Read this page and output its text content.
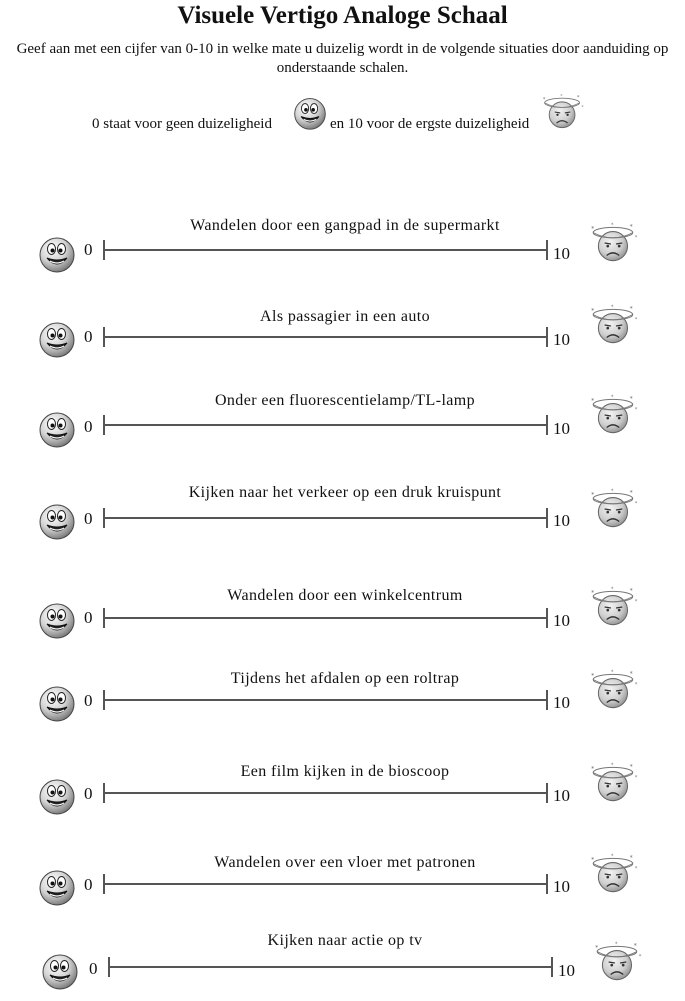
Visuele Vertigo Analoge Schaal

Geef aan met een cijfer van 0-10 in welke mate u duizelig wordt in de volgende situaties door aanduiding op onderstaande schalen.

0 staat voor geen duizeligheid	en 10 voor de ergste duizeligheid
Wandelen door een gangpad in de supermarkt
0	10
Als passagier in een auto
0	10
Onder een fluorescentielamp/TL-lamp
0	10
Kijken naar het verkeer op een druk kruispunt
0	10
Wandelen door een winkelcentrum
0	10
Tijdens het afdalen op een roltrap
0	10
Een film kijken in de bioscoop
0	10
Wandelen over een vloer met patronen
0	10
Kijken naar actie op tv
0	10
